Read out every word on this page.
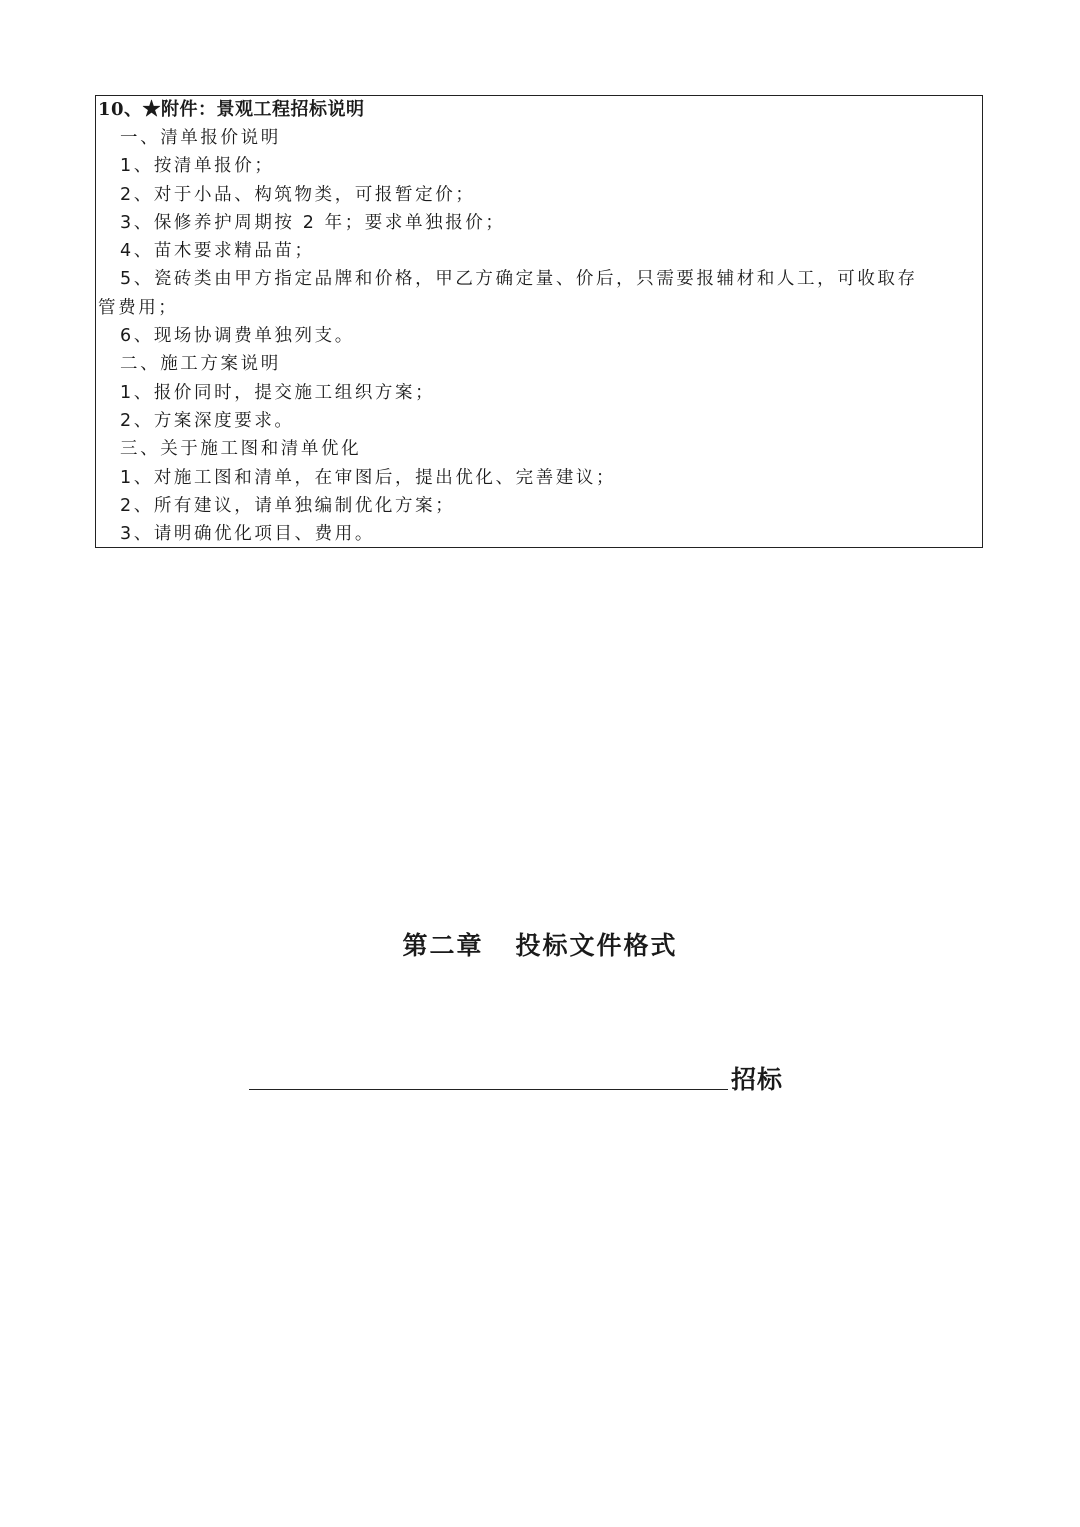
10、★附件：景观工程招标说明
一、清单报价说明
1、按清单报价；
2、对于小品、构筑物类，可报暂定价；
3、保修养护周期按 2 年；要求单独报价；
4、苗木要求精品苗；
5、瓷砖类由甲方指定品牌和价格，甲乙方确定量、价后，只需要报辅材和人工，可收取存
管费用；
6、现场协调费单独列支。
二、施工方案说明
1、报价同时，提交施工组织方案；
2、方案深度要求。
三、关于施工图和清单优化
1、对施工图和清单，在审图后，提出优化、完善建议；
2、所有建议，请单独编制优化方案；
3、请明确优化项目、费用。
第二章 投标文件格式
招标
